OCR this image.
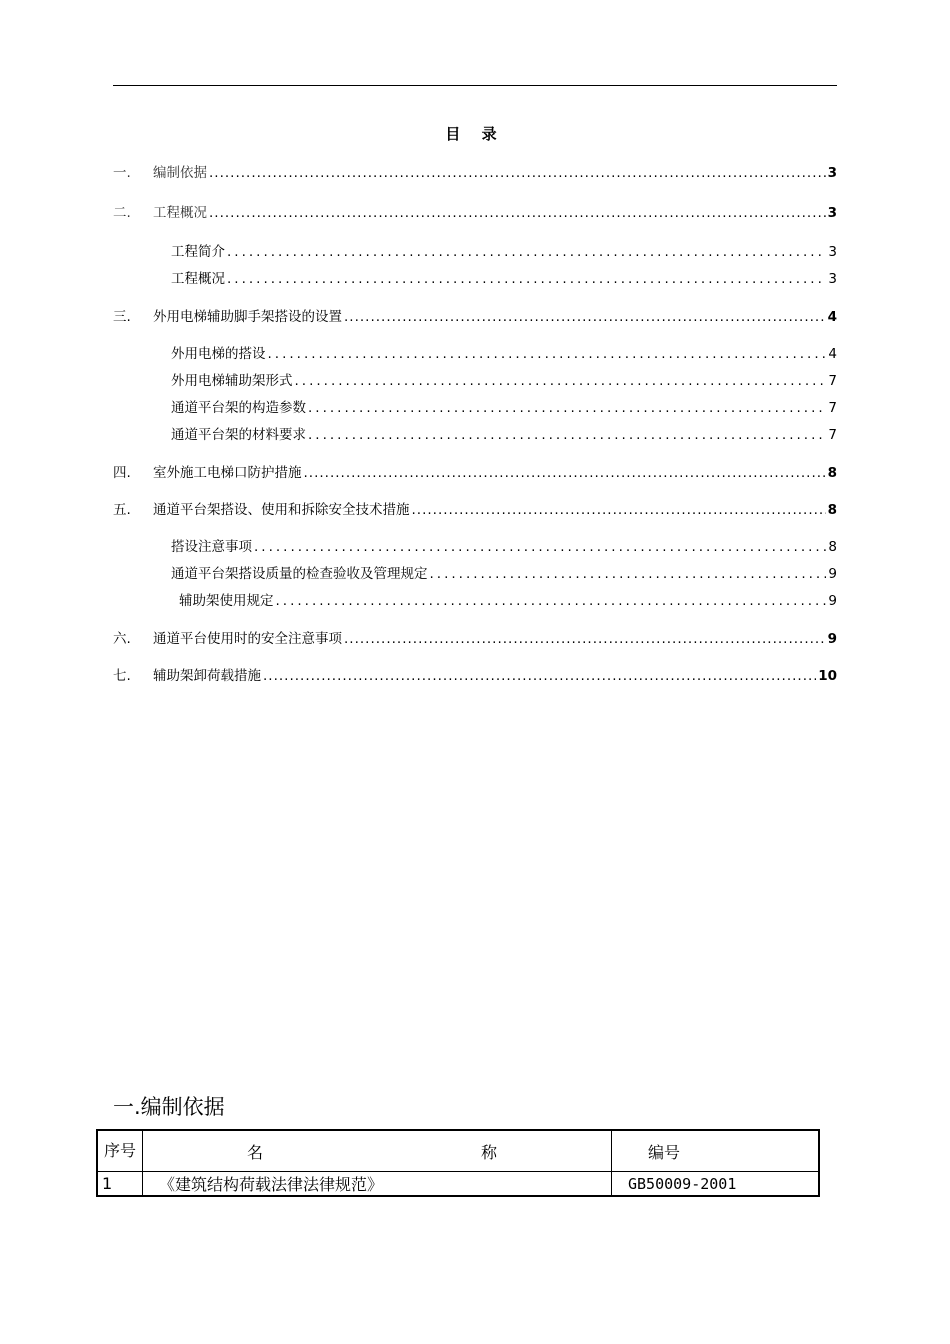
目 录
一.	编制依据 .....	3
二.	工程概况 .....	3
工程简介 .....	3
工程概况 .....	3
三.	外用电梯辅助脚手架搭设的设置 .....	4
外用电梯的搭设 .....	4
外用电梯辅助架形式 .....	7
通道平台架的构造参数 .....	7
通道平台架的材料要求 .....	7
四.	室外施工电梯口防护措施 .....	8
五.	通道平台架搭设、使用和拆除安全技术措施 .....	8
搭设注意事项 .....	8
通道平台架搭设质量的检查验收及管理规定 .....	9
辅助架使用规定 .....	9
六.	通道平台使用时的安全注意事项 .....	9
七.	辅助架卸荷载措施 .....	10
一.编制依据
序号	名 称	编号
1	《建筑结构荷载法律法律规范》	GB50009-2001
